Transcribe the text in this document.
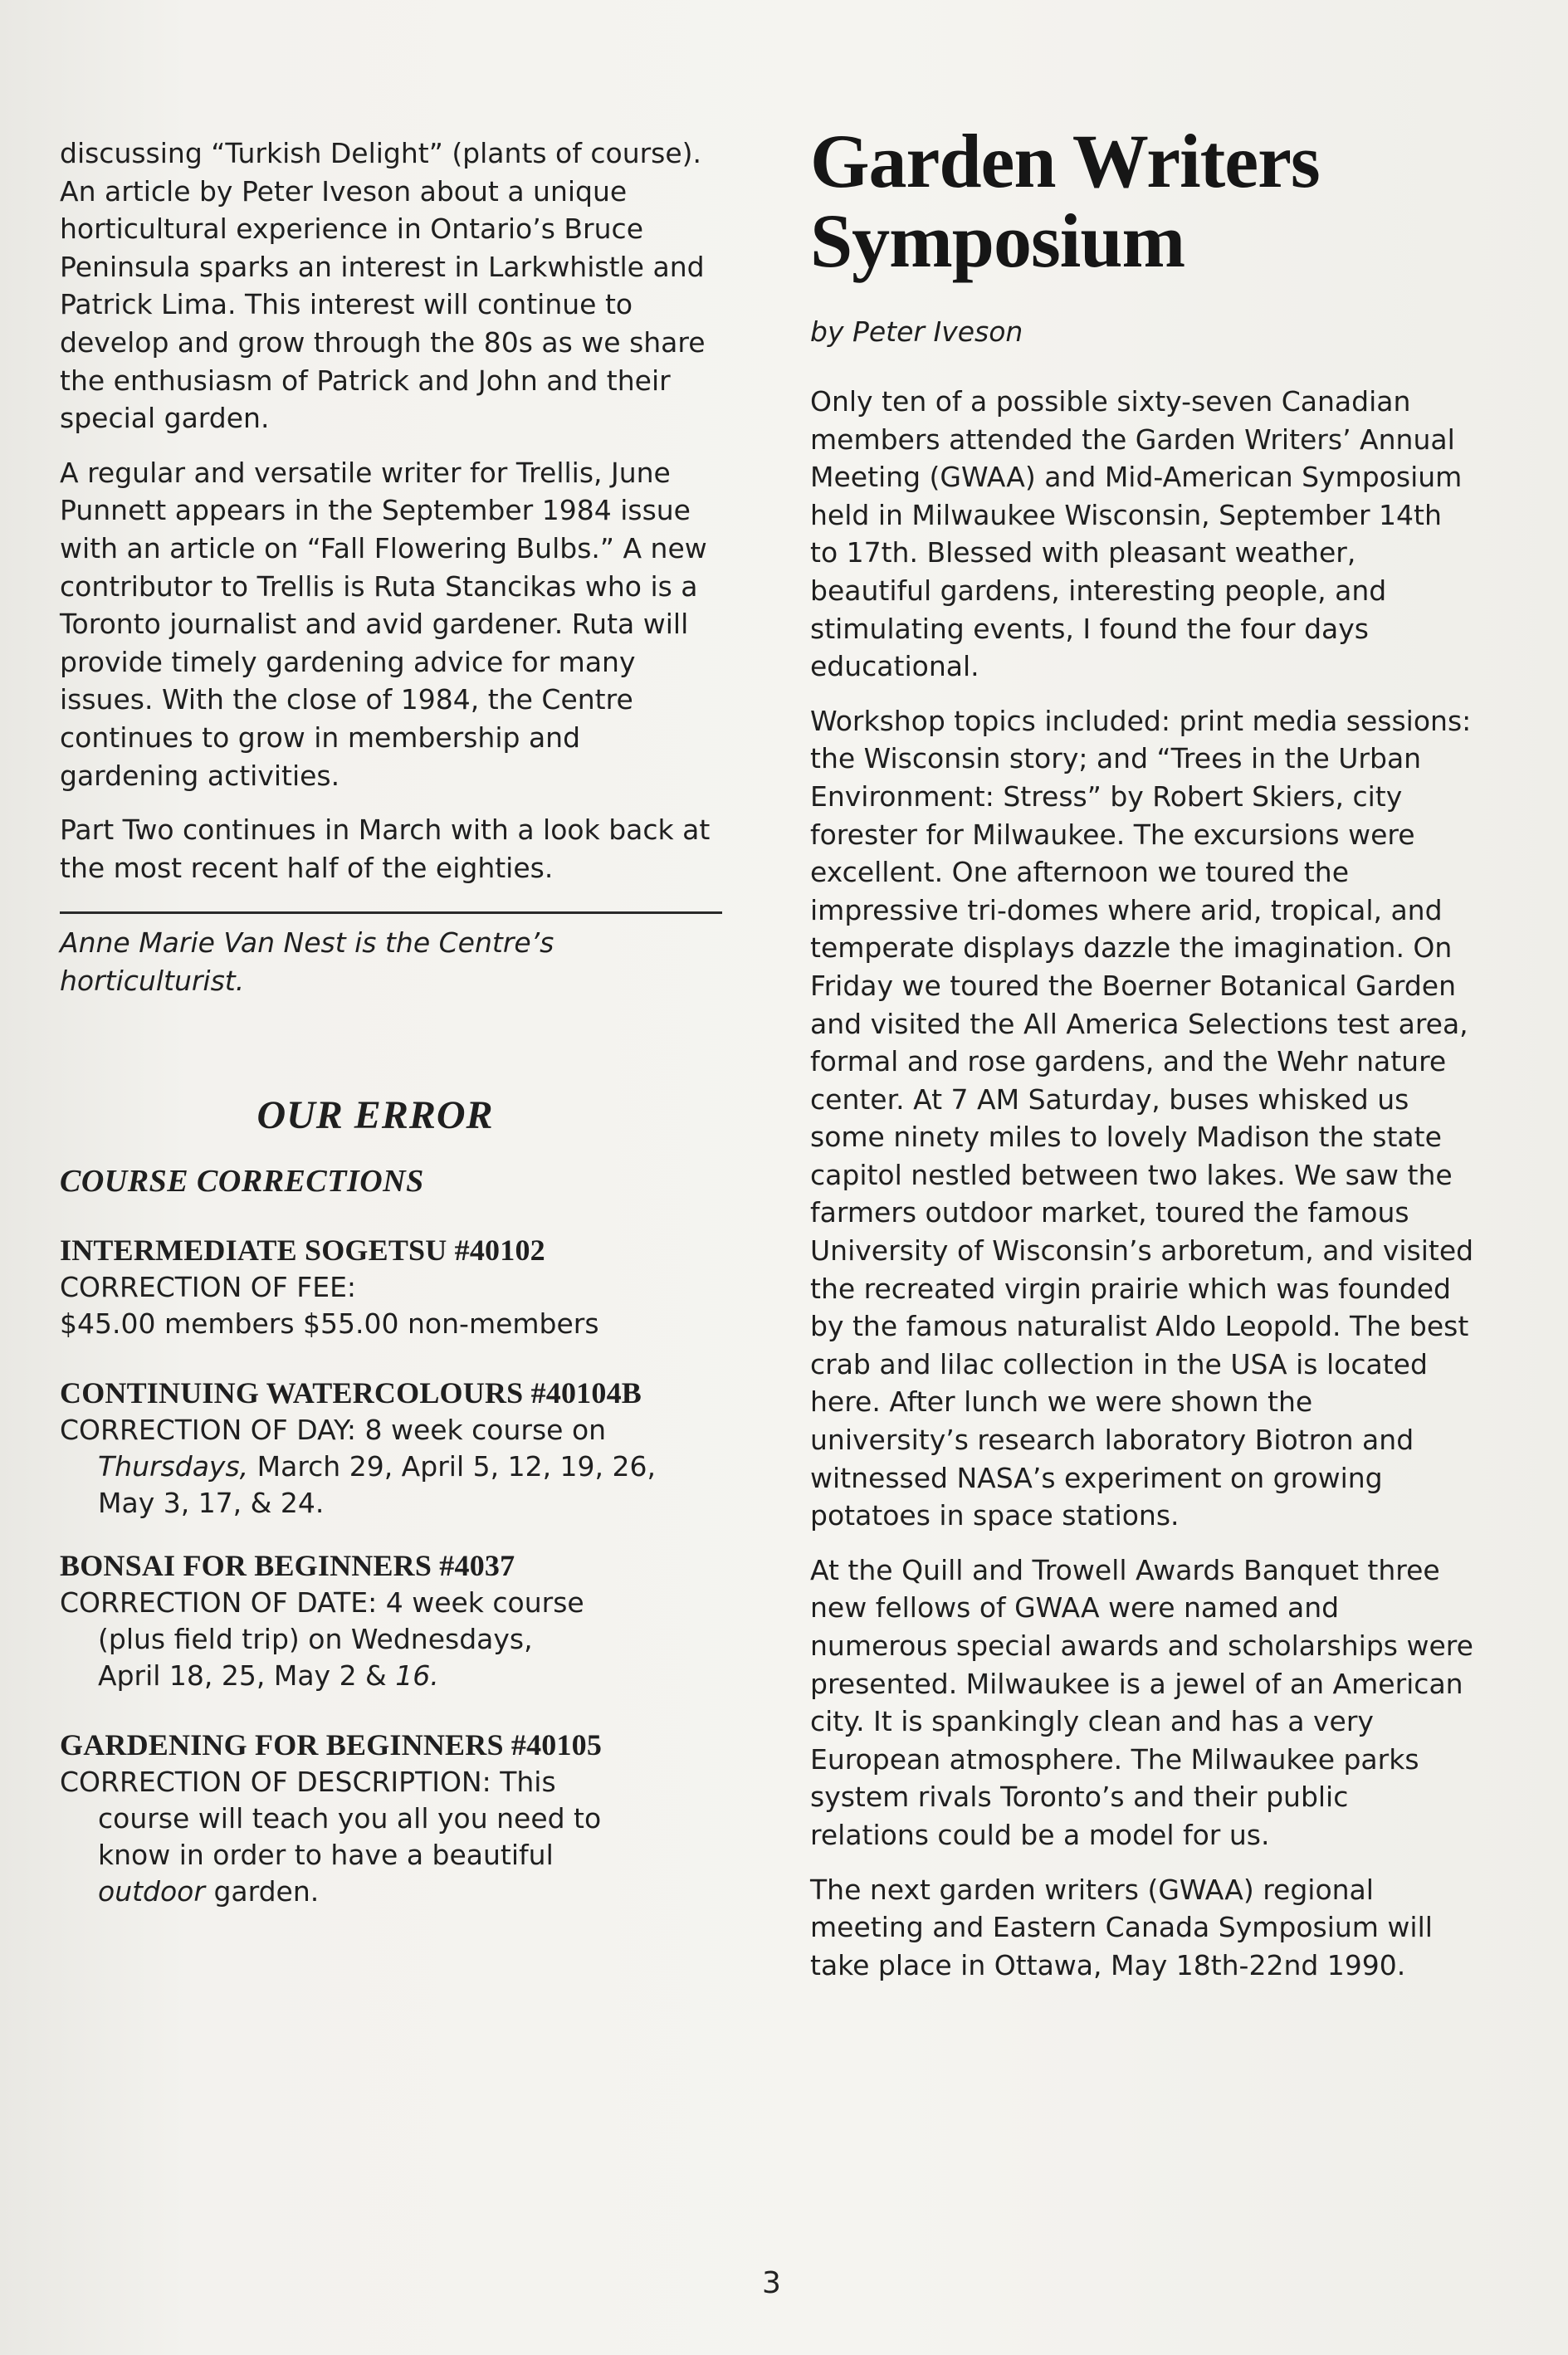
discussing “Turkish Delight” (plants of course). An article by Peter Iveson about a unique horticultural experience in Ontario’s Bruce Peninsula sparks an interest in Larkwhistle and Patrick Lima. This interest will continue to develop and grow through the 80s as we share the enthusiasm of Patrick and John and their special garden.

A regular and versatile writer for Trellis, June Punnett appears in the September 1984 issue with an article on “Fall Flowering Bulbs.” A new contributor to Trellis is Ruta Stancikas who is a Toronto journalist and avid gardener. Ruta will provide timely gardening advice for many issues. With the close of 1984, the Centre continues to grow in membership and gardening activities.

Part Two continues in March with a look back at the most recent half of the eighties.

Anne Marie Van Nest is the Centre’s horticulturist.

OUR ERROR
COURSE CORRECTIONS
INTERMEDIATE SOGETSU #40102
CORRECTION OF FEE:
$45.00 members $55.00 non-members
CONTINUING WATERCOLOURS #40104B
CORRECTION OF DAY: 8 week course on
Thursdays, March 29, April 5, 12, 19, 26,
May 3, 17, & 24.
BONSAI FOR BEGINNERS #4037
CORRECTION OF DATE: 4 week course
(plus field trip) on Wednesdays,
April 18, 25, May 2 & 16.
GARDENING FOR BEGINNERS #40105
CORRECTION OF DESCRIPTION: This
course will teach you all you need to
know in order to have a beautiful
outdoor garden.
Garden Writers Symposium
by Peter Iveson

Only ten of a possible sixty-seven Canadian members attended the Garden Writers’ Annual Meeting (GWAA) and Mid-American Symposium held in Milwaukee Wisconsin, September 14th to 17th. Blessed with pleasant weather, beautiful gardens, interesting people, and stimulating events, I found the four days educational.

Workshop topics included: print media sessions: the Wisconsin story; and “Trees in the Urban Environment: Stress” by Robert Skiers, city forester for Milwaukee. The excursions were excellent. One afternoon we toured the impressive tri-domes where arid, tropical, and temperate displays dazzle the imagination. On Friday we toured the Boerner Botanical Garden and visited the All America Selections test area, formal and rose gardens, and the Wehr nature center. At 7 AM Saturday, buses whisked us some ninety miles to lovely Madison the state capitol nestled between two lakes. We saw the farmers outdoor market, toured the famous University of Wisconsin’s arboretum, and visited the recreated virgin prairie which was founded by the famous naturalist Aldo Leopold. The best crab and lilac collection in the USA is located here. After lunch we were shown the university’s research laboratory Biotron and witnessed NASA’s experiment on growing potatoes in space stations.

At the Quill and Trowell Awards Banquet three new fellows of GWAA were named and numerous special awards and scholarships were presented. Milwaukee is a jewel of an American city. It is spankingly clean and has a very European atmosphere. The Milwaukee parks system rivals Toronto’s and their public relations could be a model for us.

The next garden writers (GWAA) regional meeting and Eastern Canada Symposium will take place in Ottawa, May 18th-22nd 1990.

3
